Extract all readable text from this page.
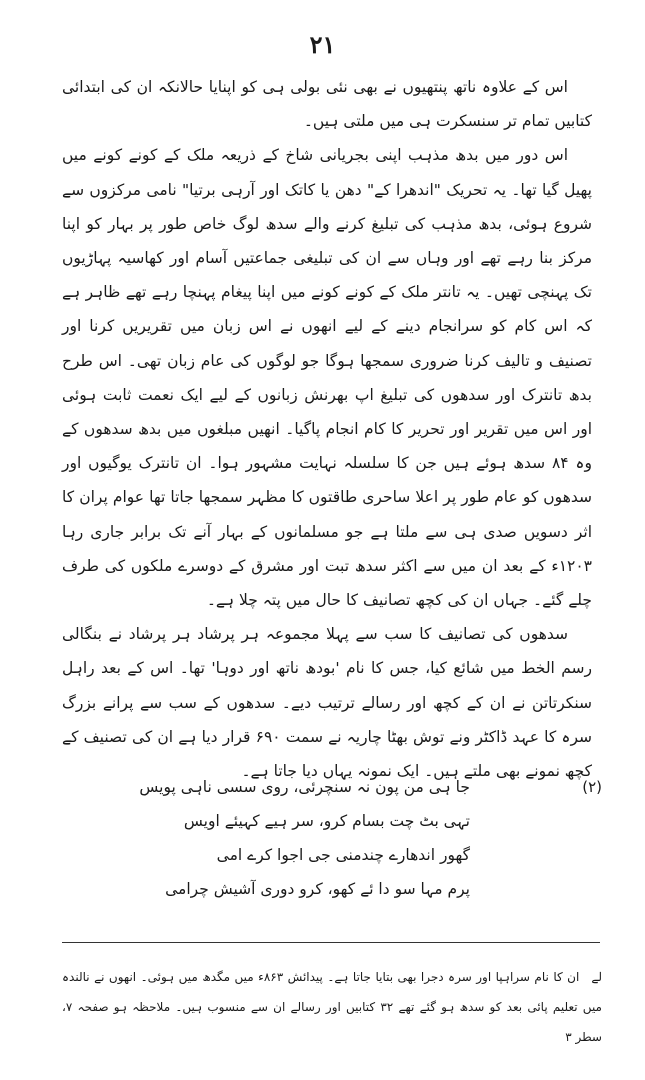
۲۱

اس کے علاوہ ناتھ پنتھیوں نے بھی نئی بولی ہی کو اپنایا حالانکہ ان کی ابتدائی کتابیں تمام تر سنسکرت ہی میں ملتی ہیں۔

اس دور میں بدھ مذہب اپنی بجریانی شاخ کے ذریعہ ملک کے کونے کونے میں پھیل گیا تھا۔ یہ تحریک "اندھرا کے" دھن یا کاتک اور آرہی برتیا" نامی مرکزوں سے شروع ہوئی، بدھ مذہب کی تبلیغ کرنے والے سدھ لوگ خاص طور پر بہار کو اپنا مرکز بنا رہے تھے اور وہاں سے ان کی تبلیغی جماعتیں آسام اور کھاسیہ پہاڑیوں تک پہنچی تھیں۔ یہ تانتر ملک کے کونے کونے میں اپنا پیغام پہنچا رہے تھے ظاہر ہے کہ اس کام کو سرانجام دینے کے لیے انھوں نے اس زبان میں تقریریں کرنا اور تصنیف و تالیف کرنا ضروری سمجھا ہوگا جو لوگوں کی عام زبان تھی۔ اس طرح بدھ تانترک اور سدھوں کی تبلیغ اپ بھرنش زبانوں کے لیے ایک نعمت ثابت ہوئی اور اس میں تقریر اور تحریر کا کام انجام پاگیا۔ انھیں مبلغوں میں بدھ سدھوں کے وہ ۸۴ سدھ ہوئے ہیں جن کا سلسلہ نہایت مشہور ہوا۔ ان تانترک یوگیوں اور سدھوں کو عام طور پر اعلا ساحری طاقتوں کا مظہر سمجھا جاتا تھا عوام پران کا اثر دسویں صدی ہی سے ملتا ہے جو مسلمانوں کے بہار آنے تک برابر جاری رہا ۱۲۰۳ء کے بعد ان میں سے اکثر سدھ تبت اور مشرق کے دوسرے ملکوں کی طرف چلے گئے۔ جہاں ان کی کچھ تصانیف کا حال میں پتہ چلا ہے۔

سدھوں کی تصانیف کا سب سے پہلا مجموعہ ہر پرشاد ہر پرشاد نے بنگالی رسم الخط میں شائع کیا، جس کا نام 'بودھ ناتھ اور دوہا' تھا۔ اس کے بعد راہل سنکرتاتن نے ان کے کچھ اور رسالے ترتیب دیے۔ سدھوں کے سب سے پرانے بزرگ سرہ کا عہد ڈاکٹر ونے توش بھٹا چاریہ نے سمت ۶۹۰ قرار دیا ہے ان کی تصنیف کے کچھ نمونے بھی ملتے ہیں۔ ایک نمونہ یہاں دیا جاتا ہے۔

(۲)
جا ہی من پون نہ سنچرئی، روی سسی ناہی پویس
تہی بٹ چت بسام کرو، سر ہیے کہیئے اویس
گھور اندھارے چندمنی جی اجوا کرے امی
پرم مہا سو دا ئے کھو، کرو دوری آشیش چرامی
لےان کا نام سراہپا اور سرہ دجرا بھی بتایا جاتا ہے۔ پیدائش ۸۶۳ء میں مگدھ میں ہوئی۔ انھوں نے نالندہ میں تعلیم پائی بعد کو سدھ ہو گئے تھے ۳۲ کتابیں اور رسالے ان سے منسوب ہیں۔ ملاحظہ ہو صفحہ ۷، سطر ۳
